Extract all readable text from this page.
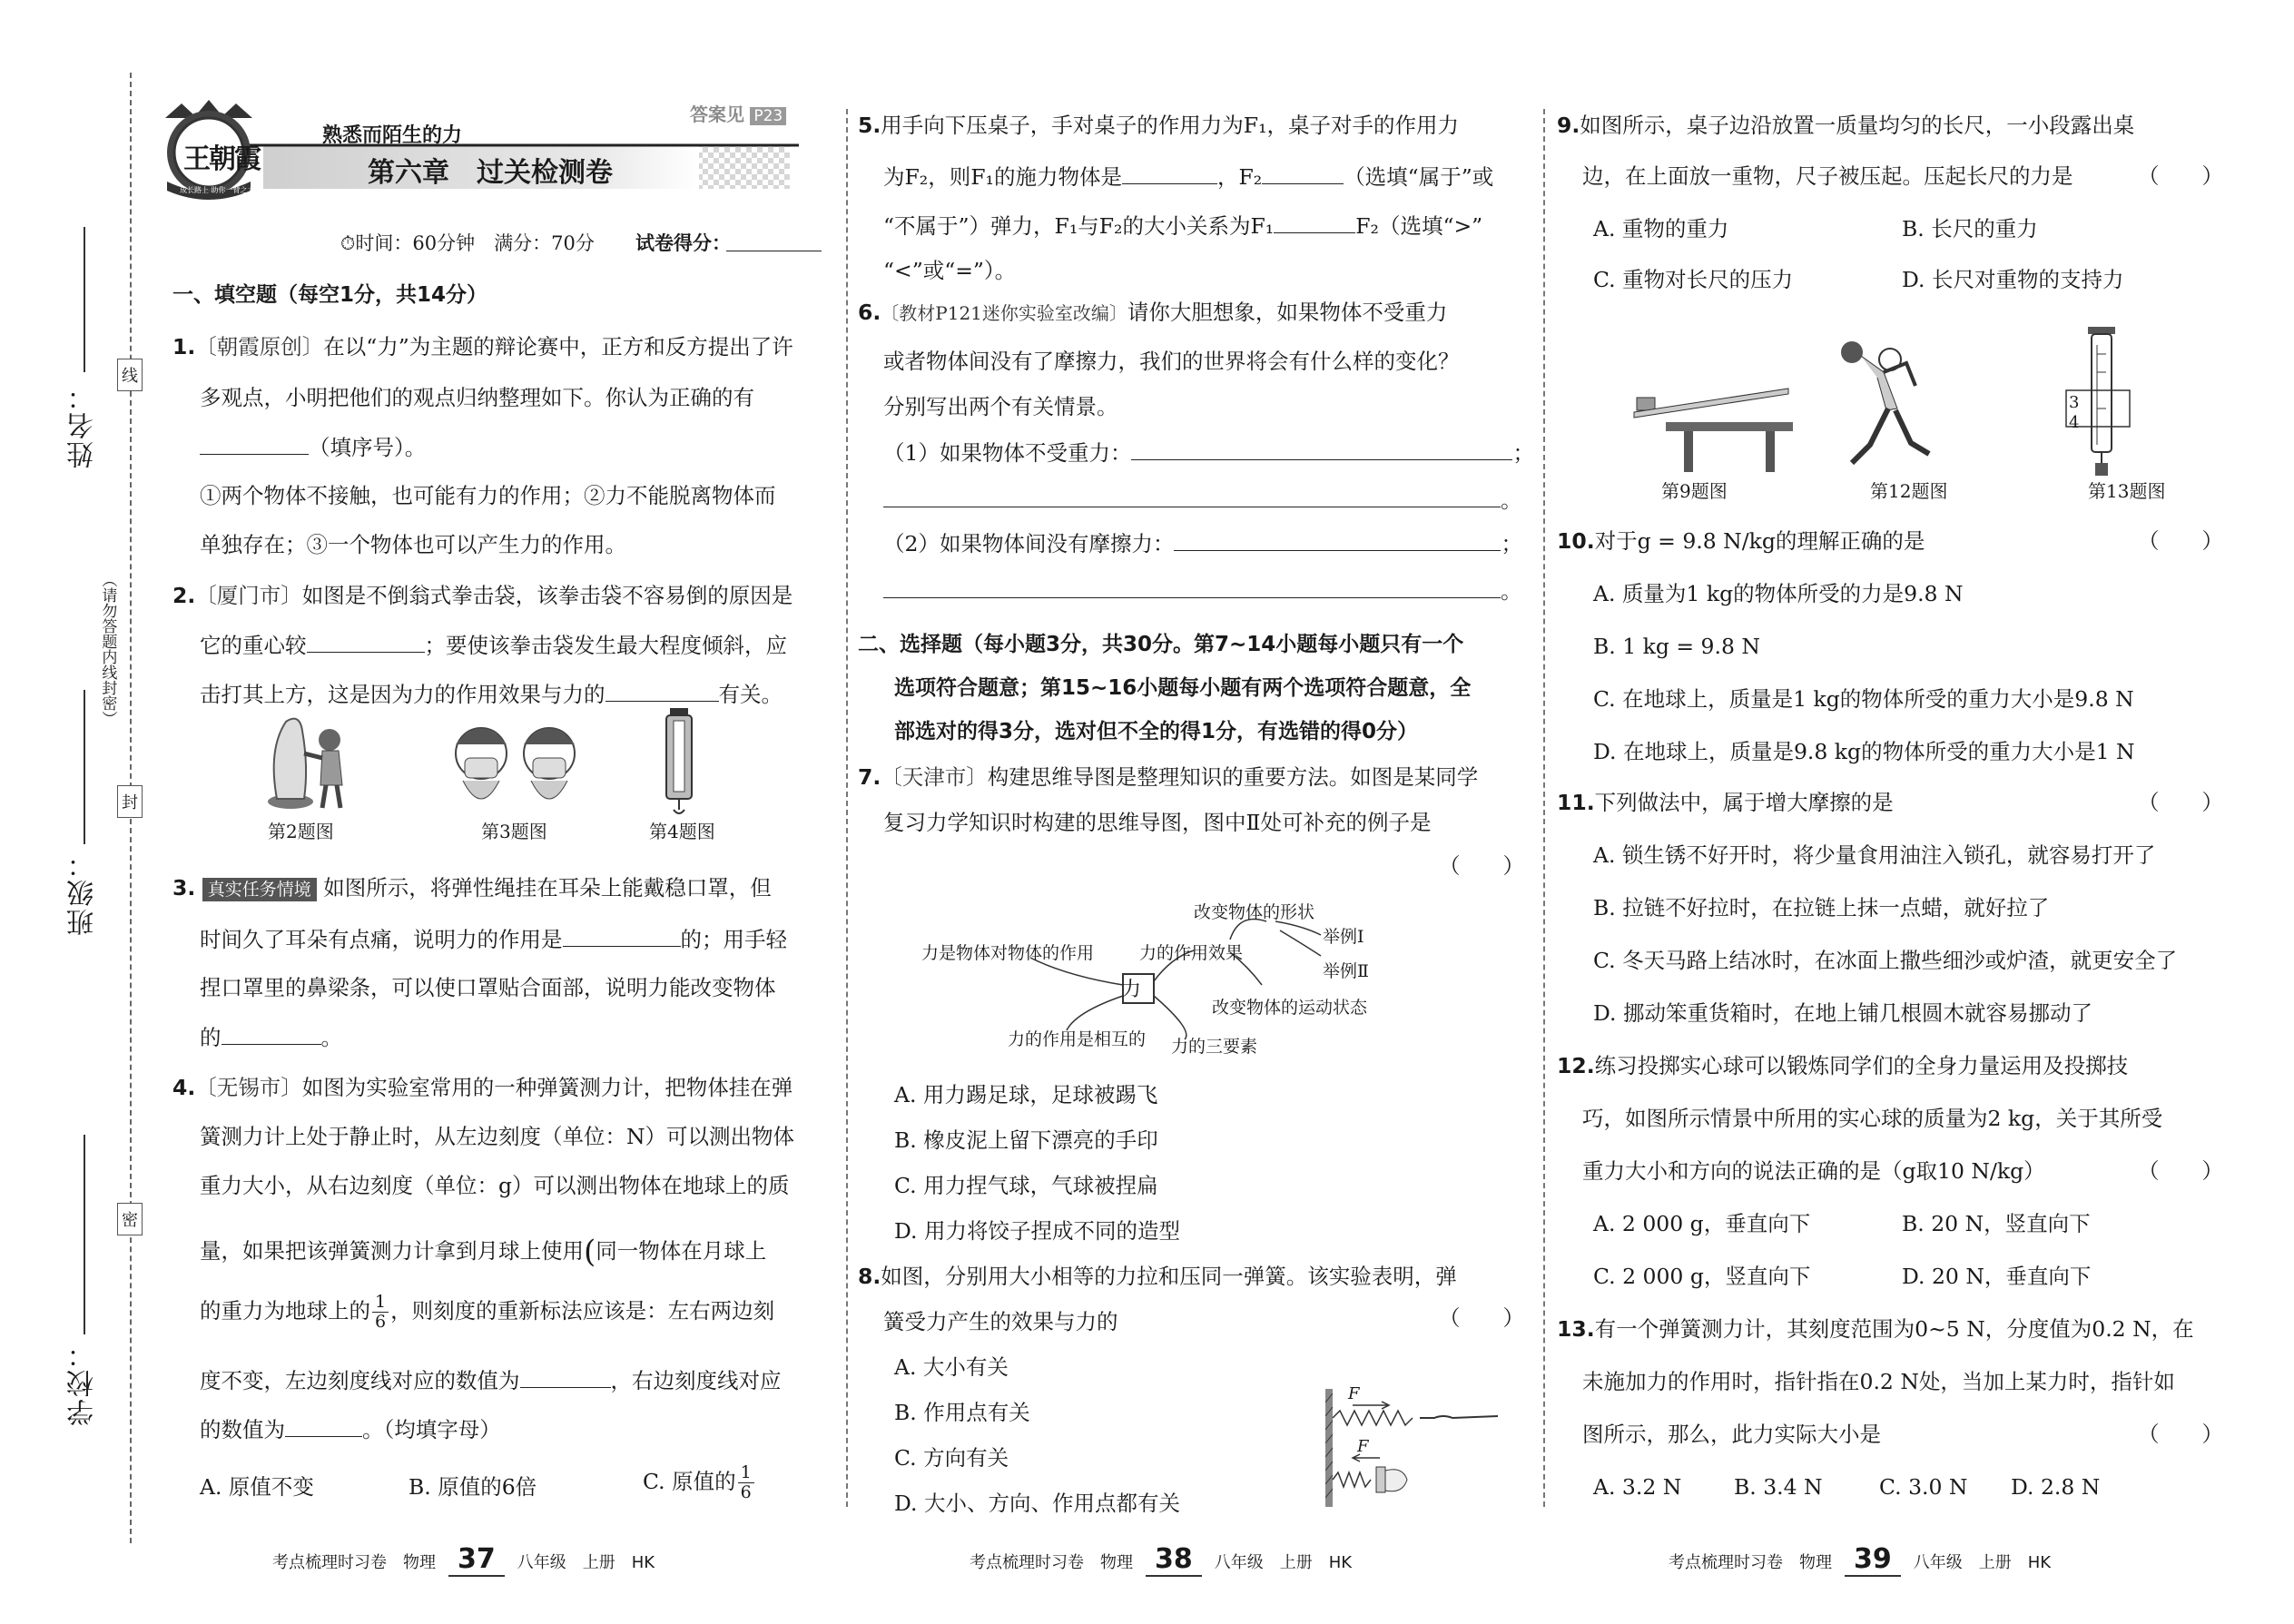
姓名：
班级：
学校：
线
封
密
（请勿答题内线封密）
王朝霞
成长路上 助你一臂之力
熟悉而陌生的力
第六章　过关检测卷
答案见 P23
⏱时间：60分钟　满分：70分 试卷得分：
一、填空题（每空1分，共14分）
1.〔朝霞原创〕在以“力”为主题的辩论赛中，正方和反方提出了许
多观点，小明把他们的观点归纳整理如下。你认为正确的有
（填序号）。
①两个物体不接触，也可能有力的作用；②力不能脱离物体而
单独存在；③一个物体也可以产生力的作用。
2.〔厦门市〕如图是不倒翁式拳击袋，该拳击袋不容易倒的原因是
它的重心较	；要使该拳击袋发生最大程度倾斜，应
击打其上方，这是因为力的作用效果与力的	有关。
第2题图	第3题图	第4题图
3. 真实任务情境 如图所示，将弹性绳挂在耳朵上能戴稳口罩，但
时间久了耳朵有点痛，说明力的作用是	的；用手轻
捏口罩里的鼻梁条，可以使口罩贴合面部，说明力能改变物体
的	。
4.〔无锡市〕如图为实验室常用的一种弹簧测力计，把物体挂在弹
簧测力计上处于静止时，从左边刻度（单位：N）可以测出物体
重力大小，从右边刻度（单位：g）可以测出物体在地球上的质
量，如果把该弹簧测力计拿到月球上使用(同一物体在月球上
的重力为地球上的 $\frac{1}{6}$ ，则刻度的重新标法应该是：左右两边刻
度不变，左边刻度线对应的数值为	，右边刻度线对应
的数值为	。（均填字母）
A. 原值不变	B. 原值的6倍	C. 原值的 $\frac{1}{6}$
5.用手向下压桌子，手对桌子的作用力为F₁，桌子对手的作用力
为F₂，则F₁的施力物体是	，F₂	（选填“属于”或
“不属于”）弹力，F₁与F₂的大小关系为F₁	F₂（选填“>”
“<”或“=”）。
6.〔教材P121迷你实验室改编〕请你大胆想象，如果物体不受重力
或者物体间没有了摩擦力，我们的世界将会有什么样的变化？
分别写出两个有关情景。
（1）如果物体不受重力：	；
。
（2）如果物体间没有摩擦力：	；
。
二、选择题（每小题3分，共30分。第7~14小题每小题只有一个
选项符合题意；第15~16小题每小题有两个选项符合题意，全
部选对的得3分，选对但不全的得1分，有选错的得0分）
7.〔天津市〕构建思维导图是整理知识的重要方法。如图是某同学
复习力学知识时构建的思维导图，图中Ⅱ处可补充的例子是
（　　）
力
力是物体对物体的作用	力的作用效果
改变物体的形状
举例Ⅰ
举例Ⅱ
改变物体的运动状态
力的作用是相互的 力的三要素
A. 用力踢足球，足球被踢飞
B. 橡皮泥上留下漂亮的手印
C. 用力捏气球，气球被捏扁
D. 用力将饺子捏成不同的造型
8.如图，分别用大小相等的力拉和压同一弹簧。该实验表明，弹
簧受力产生的效果与力的	（　　）
A. 大小有关
B. 作用点有关
C. 方向有关
D. 大小、方向、作用点都有关
F
F
9.如图所示，桌子边沿放置一质量均匀的长尺，一小段露出桌
边，在上面放一重物，尺子被压起。压起长尺的力是	（　　）
A. 重物的重力	B. 长尺的重力
C. 重物对长尺的压力	D. 长尺对重物的支持力
3
4
第9题图	第12题图	第13题图
10.对于g = 9.8 N/kg的理解正确的是	（　　）
A. 质量为1 kg的物体所受的力是9.8 N
B. 1 kg = 9.8 N
C. 在地球上，质量是1 kg的物体所受的重力大小是9.8 N
D. 在地球上，质量是9.8 kg的物体所受的重力大小是1 N
11.下列做法中，属于增大摩擦的是	（　　）
A. 锁生锈不好开时，将少量食用油注入锁孔，就容易打开了
B. 拉链不好拉时，在拉链上抹一点蜡，就好拉了
C. 冬天马路上结冰时，在冰面上撒些细沙或炉渣，就更安全了
D. 挪动笨重货箱时，在地上铺几根圆木就容易挪动了
12.练习投掷实心球可以锻炼同学们的全身力量运用及投掷技
巧，如图所示情景中所用的实心球的质量为2 kg，关于其所受
重力大小和方向的说法正确的是（g取10 N/kg）	（　　）
A. 2 000 g，垂直向下	B. 20 N，竖直向下
C. 2 000 g，竖直向下	D. 20 N，垂直向下
13.有一个弹簧测力计，其刻度范围为0~5 N，分度值为0.2 N，在
未施加力的作用时，指针指在0.2 N处，当加上某力时，指针如
图所示，那么，此力实际大小是	（　　）
A. 3.2 N B. 3.4 N	C. 3.0 N D. 2.8 N
考点梳理时习卷　物理 37 八年级　上册　HK	考点梳理时习卷　物理 38 八年级　上册　HK	考点梳理时习卷　物理 39 八年级　上册　HK
